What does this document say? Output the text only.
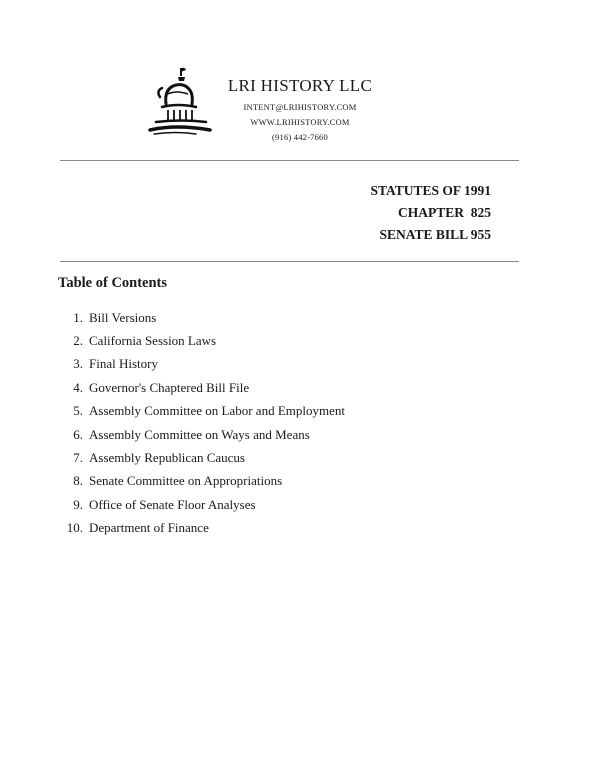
LRI HISTORY LLC
INTENT@LRIHISTORY.COM
WWW.LRIHISTORY.COM
(916) 442-7660
STATUTES OF 1991
CHAPTER  825
SENATE BILL 955
Table of Contents
1. Bill Versions
2. California Session Laws
3. Final History
4. Governor's Chaptered Bill File
5. Assembly Committee on Labor and Employment
6. Assembly Committee on Ways and Means
7. Assembly Republican Caucus
8. Senate Committee on Appropriations
9. Office of Senate Floor Analyses
10. Department of Finance
